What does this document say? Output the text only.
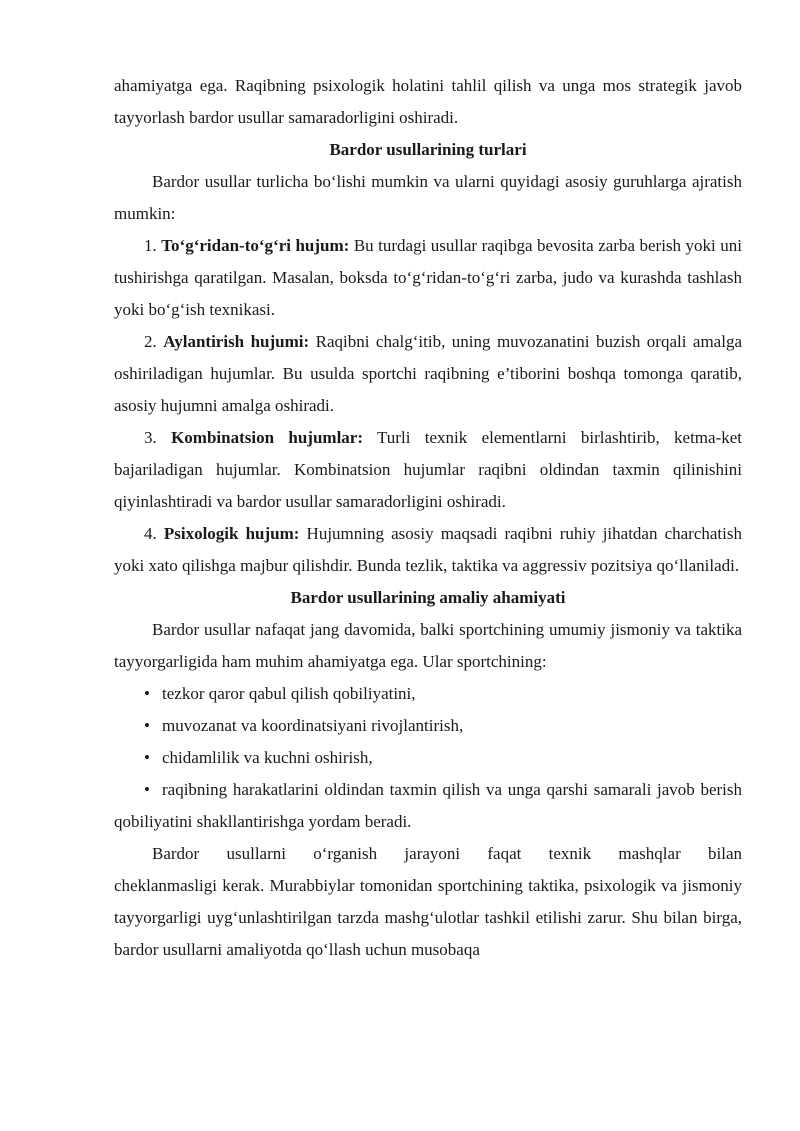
ahamiyatga ega. Raqibning psixologik holatini tahlil qilish va unga mos strategik javob tayyorlash bardor usullar samaradorligini oshiradi.

Bardor usullarining turlari

Bardor usullar turlicha bo‘lishi mumkin va ularni quyidagi asosiy guruhlarga ajratish mumkin:

1. To‘g‘ridan-to‘g‘ri hujum: Bu turdagi usullar raqibga bevosita zarba berish yoki uni tushirishga qaratilgan. Masalan, boksda to‘g‘ridan-to‘g‘ri zarba, judo va kurashda tashlash yoki bo‘g‘ish texnikasi.

2. Aylantirish hujumi: Raqibni chalg‘itib, uning muvozanatini buzish orqali amalga oshiriladigan hujumlar. Bu usulda sportchi raqibning e’tiborini boshqa tomonga qaratib, asosiy hujumni amalga oshiradi.

3. Kombinatsion hujumlar: Turli texnik elementlarni birlashtirib, ketma-ket bajariladigan hujumlar. Kombinatsion hujumlar raqibni oldindan taxmin qilinishini qiyinlashtiradi va bardor usullar samaradorligini oshiradi.

4. Psixologik hujum: Hujumning asosiy maqsadi raqibni ruhiy jihatdan charchatish yoki xato qilishga majbur qilishdir. Bunda tezlik, taktika va aggressiv pozitsiya qo‘llaniladi.

Bardor usullarining amaliy ahamiyati

Bardor usullar nafaqat jang davomida, balki sportchining umumiy jismoniy va taktika tayyorgarligida ham muhim ahamiyatga ega. Ular sportchining:

• tezkor qaror qabul qilish qobiliyatini,
• muvozanat va koordinatsiyani rivojlantirish,
• chidamlilik va kuchni oshirish,
• raqibning harakatlarini oldindan taxmin qilish va unga qarshi samarali javob berish qobiliyatini shakllantirishga yordam beradi.

Bardor usullarni o‘rganish jarayoni faqat texnik mashqlar bilan

cheklanmasligi kerak. Murabbiylar tomonidan sportchining taktika, psixologik va jismoniy tayyorgarligi uyg‘unlashtirilgan tarzda mashg‘ulotlar tashkil etilishi zarur. Shu bilan birga, bardor usullarni amaliyotda qo‘llash uchun musobaqa
